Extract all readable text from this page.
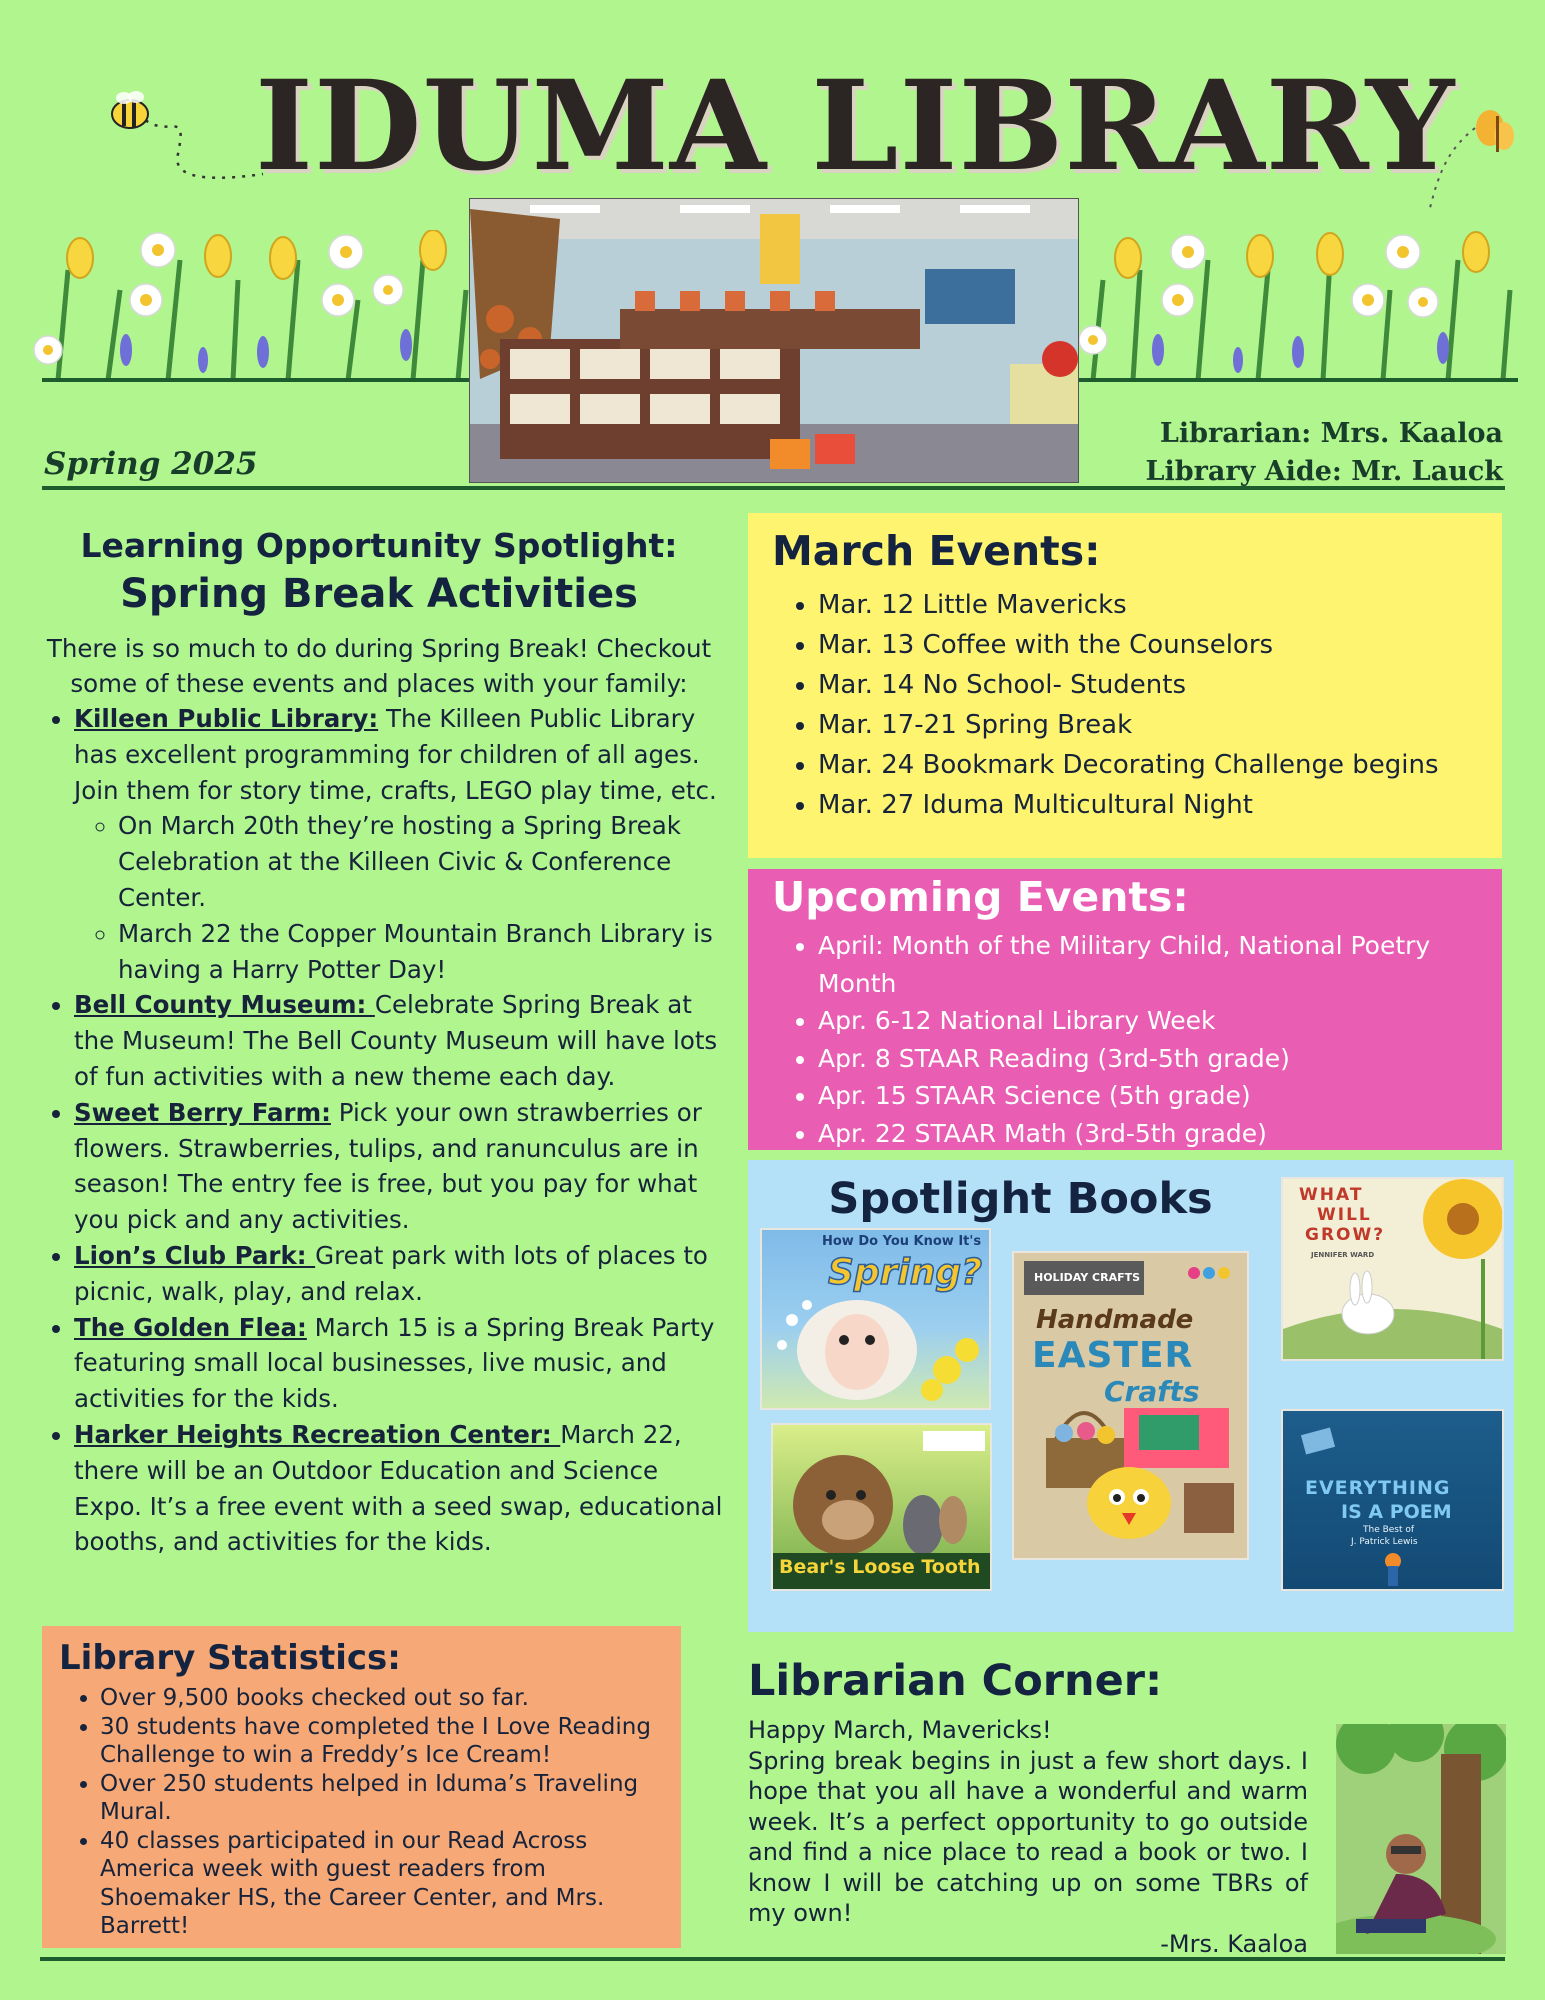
IDUMA LIBRARY
Spring 2025
Librarian: Mrs. Kaaloa
Library Aide: Mr. Lauck
Learning Opportunity Spotlight:
Spring Break Activities

There is so much to do during Spring Break! Checkout some of these events and places with your family:

• Killeen Public Library: The Killeen Public Library has excellent programming for children of all ages. Join them for story time, crafts, LEGO play time, etc.
◦ On March 20th they’re hosting a Spring Break Celebration at the Killeen Civic & Conference Center.
◦ March 22 the Copper Mountain Branch Library is having a Harry Potter Day!
• Bell County Museum: Celebrate Spring Break at the Museum! The Bell County Museum will have lots of fun activities with a new theme each day.
• Sweet Berry Farm: Pick your own strawberries or flowers. Strawberries, tulips, and ranunculus are in season! The entry fee is free, but you pay for what you pick and any activities.
• Lion’s Club Park: Great park with lots of places to picnic, walk, play, and relax.
• The Golden Flea: March 15 is a Spring Break Party featuring small local businesses, live music, and activities for the kids.
• Harker Heights Recreation Center: March 22, there will be an Outdoor Education and Science Expo. It’s a free event with a seed swap, educational booths, and activities for the kids.
Library Statistics:
• Over 9,500 books checked out so far.
• 30 students have completed the I Love Reading Challenge to win a Freddy’s Ice Cream!
• Over 250 students helped in Iduma’s Traveling Mural.
• 40 classes participated in our Read Across America week with guest readers from Shoemaker HS, the Career Center, and Mrs. Barrett!
March Events:
• Mar. 12 Little Mavericks
• Mar. 13 Coffee with the Counselors
• Mar. 14 No School- Students
• Mar. 17-21 Spring Break
• Mar. 24 Bookmark Decorating Challenge begins
• Mar. 27 Iduma Multicultural Night
Upcoming Events:
• April: Month of the Military Child, National Poetry Month
• Apr. 6-12 National Library Week
• Apr. 8 STAAR Reading (3rd-5th grade)
• Apr. 15 STAAR Science (5th grade)
• Apr. 22 STAAR Math (3rd-5th grade)
Spotlight Books
How Do You Know It's
Spring?	HOLIDAY CRAFTS
Handmade
EASTER
Crafts
WHAT
WILL
GROW?
JENNIFER WARD
Bear's Loose Tooth
EVERYTHING
IS A POEM
The Best of
J. Patrick Lewis
Librarian Corner:

Happy March, Mavericks!

Spring break begins in just a few short days. I hope that you all have a wonderful and warm week. It’s a perfect opportunity to go outside and find a nice place to read a book or two. I know I will be catching up on some TBRs of my own!

-Mrs. Kaaloa
